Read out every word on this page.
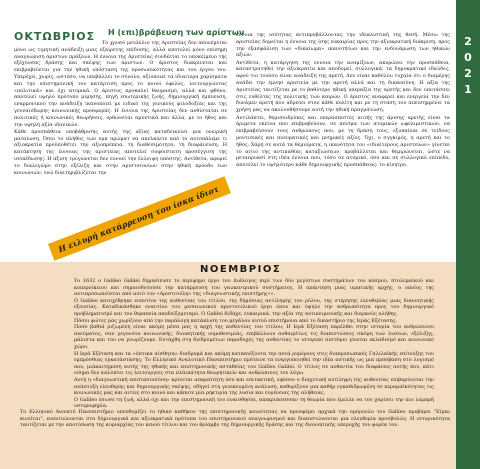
ΟΚΤΩΒΡΙΟΣ Η (επι)βράβευση των αρίστων

Το χρυσό μετάλλιο της Αριστείας δεν απονέμεται μόνο ως τιμητική ανάδειξη μιας εξαίρετης επίδοσης, αλλά αποτελεί μόνο επίσημη αναγνώριση άριστων πράξεων. Η έννοια της Αριστείας συνδέεται το υποκείμενο της εξέχουσας δράσης και σκέψης των άριστων. Ο άριστος διακρίνεται και επιβραβεύεται για την ηθική υπόσταση της προσωπικότητας και του έργου του. Υπερέχει, χωρίς, ωστόσο, να υπεβάλλει το σύνολο, αξιοποιεί τα ιδιαίτερα χαρίσματα και την επιστημονική του κατάρτιση προς το κοινό όφελος, λειτουργώντας «πολιτικά» και όχι ατομικά. Ο άριστος προκαλεί θαυμασμό, αλλά και φθόνο, αποτελεί υψηλό πρότυπο μίμησης, πηγή εσωτερικής ζωής, δημιουργική έμπνευση, εναρμονικού την ανάδειξη ικανοποιεί με ειδικό της γενικούς φιλοδοξίας και της γενναιόδωρης κοινωνικής προσφοράς. Η έννοια της Αριστείας δεν ανθίσταται σε πολιτικές ή κοινωνικές θεωρήσεις, ορθώνεται αμυντικά και άλλα, με το ήθος και την υψηλή αξία ιδανικών.

Κάθε προσπάθεια υποβάθμισης αυτής της αξίας καταδεικνύει μια ονειρική ματαίωση. Όσοι το πλήθος των εμπ αρώματ να απελκύετε από το αυτοπάλεμε τι αξιοκρατία προϋποθέτει την αξιοπρέπεια, τη διαθεσιμότητα, τη διαφάνευση. Η κατάκτηση της έννοιας της αριστείας αποτελεί σοφόιστατη προσέγγιση της ισοπέδωσης. Η άξιση τρυγώνεται δεν ευνοεί την έλλειψη υπόστης. Αντίθετα, αφορεί το διαλεγώμο στην εξέλιξη και στην αριστοτονίων στην ηθική πρόοδο των κοινωνιών, ενώ διαιτηριβλίζεται την

έννοια της ισότητας αντιπροβάλλοντας την ιδεαλιστική της θεσή. Μέσω της αριστείας δομείται η έννοια της ίσης ευκαιρίας προς την αξιοκρατική διάκριση, προς την εξασφάλιση των «δικαίωμα» ικανοτήτων και την ενδυνάμωση των ηθικών αξιών.

Αντίθετα, η κατάργηση της εννοια την αναμίξεων, ακυρώνει την προσπάθεια, καταστρατηθεί την αξιοκρατία και αποδομεί, συλλογικά, τα δημοκρατικό ιδεώδες, αφού τιο τουόσο είναι ανάδειξη της αρετή. Δεν είναι καθόλου τυχαία ότι ο διαμέρης ανάδει την έμνησ αριστεία με την αρετή αλλά και τη δικαοσύνη. Η αξία της Αριστείας ταυτίζεται με το βαθύτερο ηθική υπεραξία της αρετής και δεν υποτάσσει στις ευθέλτες της πολιτικής των καιρών. Ο άριστος αναφερεί και ενεργεία την δεν δυνάμεν αρετή που αδρεύει στον κάθε πολίτη και με τη στάση του απεισημμένει τα χρήση μας να ακολουθήσουμε αυτή την ηθική πραγμάτωση.

Αντιλάπτει, θεμισοιδρύκες και υπερασπιστές αυτής της άρισης αρετής είναι τα άριμετα εκείνα που επιβραβεύουν, σε πείσμα των ατομικών ωφελιμιστικών, να επιβραβεύσουν τους ανθρώπους που, με τη δράση τους, εξυπαίναι σε τείδους μοντισικές και πνευματικές και μνημικές αξίες. Όχι, ο σγγκιμός, η αρετή και το ήθος. Χάρη σε αυτά τα θεμιόματα, η ικανότητα του «ιδιαίτερους αριστεύων» γίνεται το αίτιο της αντιπαθίας καταξιώσεων, προβάλλεται και θεμιρώνεται, ώστε να μεταπρυασί στη ιδέα έννοια που, τόσο σε ατομικό, όσο και σε συλλογικό επίπεδο, αποτελεί το υψηλότερο κάθε δημιουργικής προσπάθειας: το κίνητρο.

2
0
2
1
ΝΟΕΜΒΡΙΟΣ

Το 1632 ο Galileo Galilei δημοσίευσε το περίφημο έργο του Διάλογος περί των δύο μεγίστων συστημάτων του κόσμου, πτολεμαϊκού και κοπερνίκειου και σημαιοδοτούσε την κατάρρευση του γεωκεντρικού συστήματος. Η απάντηση μιας ιερατικής αρχής, ο οποίος της αντιπροσωπεύεται από αυτό τον «Αριστοτέλη» της «διαγνωστικής επιστήμης»».

Ο Galileo κατοχέθρηκε εναντίον της αυθεντίας του τίτλου, της δημόσιας αντίληψης του ρόλου, της στέρησης ελευθερίας μιας διανοητικής εξουσίας. Καταδικάσθηκε εναντίον του μεσαιωνικού αριστοτελικού έργο όπου και ύψηλε την ανθρωπότητα προς του δημιουργικό προβληματισμό και τον θεραπεία αποδείξεμεταμό. Ο Galilei διδάχε, ευκαιρικά, την αξία της αντικειμενικής και διαρκούς αλήθης.

Πόσοι φώτες μας χωρίζουν από την παράλογη κατάκλιση του μεγάλου αυτού επιστήμονα από το δικαστήριο της Ιεράς Εξέτασης;

Ποσο βαθιά ριζωμένη είναι ακόμη μέσα μας η αρχή της αυθεντίας του τίτλου; Η Ιερά Εξέταση παρέλθει στην ιστορία του ανθρώπινου πνεύματος, σαν γεγονότα κοινωνικής, διοικητικής νομοθεσιμιάς, επιβάλλουν αυθαιρέτως τις διαπιστώσεις σκέψη των λυσεων, εξέλιξης, μάλιστα και του να γνωρίζουμε. Εντάχθη στη διεδρομέτων παραδοχές της αυθεντίας το ιστορικό πιστέψει γίνεται εκλαδισμό και κοινωνικό χώρο.

Η Ιερά Εξέταση και τα «όπτικα αίσθητα» διαδρομά και ακόμη καταπιέζοντα την αυτά ρυμέρους στις διαπροσωπικές Γαλιλαϊκής επίτευξης του εμπρόσθιας εγκατάστασης: Το Ελληνικό Αναλυτικό Πανεπιστήμιο πρότεινε τα ενεργοποιηθεί την ιδέα αστικής ως μια πρόσβαση στο λογισμό που, μιάκαιτημόση αυτής της ηθικής και επιστημονικής ασταθείας του Galileo Galilei. Ο τίτλος σε αυθεντία του διαφάνεις αυτής που, κάτι νόημα δεν καλύπτει τις λειτουργίες στα πλάιπάτητα θεωρητικών και ανθρώπινος του λόγω.

Αυτή η «διαγνωστική επιστασιοσύνη» κρίνεται απαραίτητη όσο και επιτακτική, εφόσον ο διαχυτική αντίληψη της αυθεντίας επιβαρύνεται την ανάπτυξη ελευθερης και δημιουργικής σκέψης, οδηγεί στη γενεκευμένη ανάλυση, καθορίζουν μια καθήρ εγκαθιδρωμένη σε κεραμαϊκότητας τις κοινωνικές μας και αιτίες στο κοινό και κάποτε μία ρηκτιρία της λυσια και ευγένειας της αλήθειας.

Ο Galileo έσωσε τη ζωή, αλλά όχι και την επιστημονική του ευαισθησία, απεκριάσεσσαν τη θεωρία που έμελλε να του χαρίσει την πιο λαμπρή υστεροφημία.

Το Ελληνικό Ανοικτό Πανεπιστήμιο υπενθυμίζει το ηθικό καθήκον της επιστημονικής κοινότητας να προσφέρει αρχικά την ομόρουλο του Galileo προβάρει "Είμαι κινείται", εναντιώνονται στα δημιουργικά και αξιοκρατικά πρότυπα του επιστημονικού αναγνωρισμού και διαπιστώνονται μια ελευθερία προσβολώς. Η ιστορικότητα ταυτίζεται με την αποτύπωση της κυριαρχίας του κενού τίτλου και του θρίαμβο της δημιουργικής δράσης και της διανοητικής υπεροχής του φορέα του.

Η ειλυρή κατάρρευση του ίσκα ίδιοτ
